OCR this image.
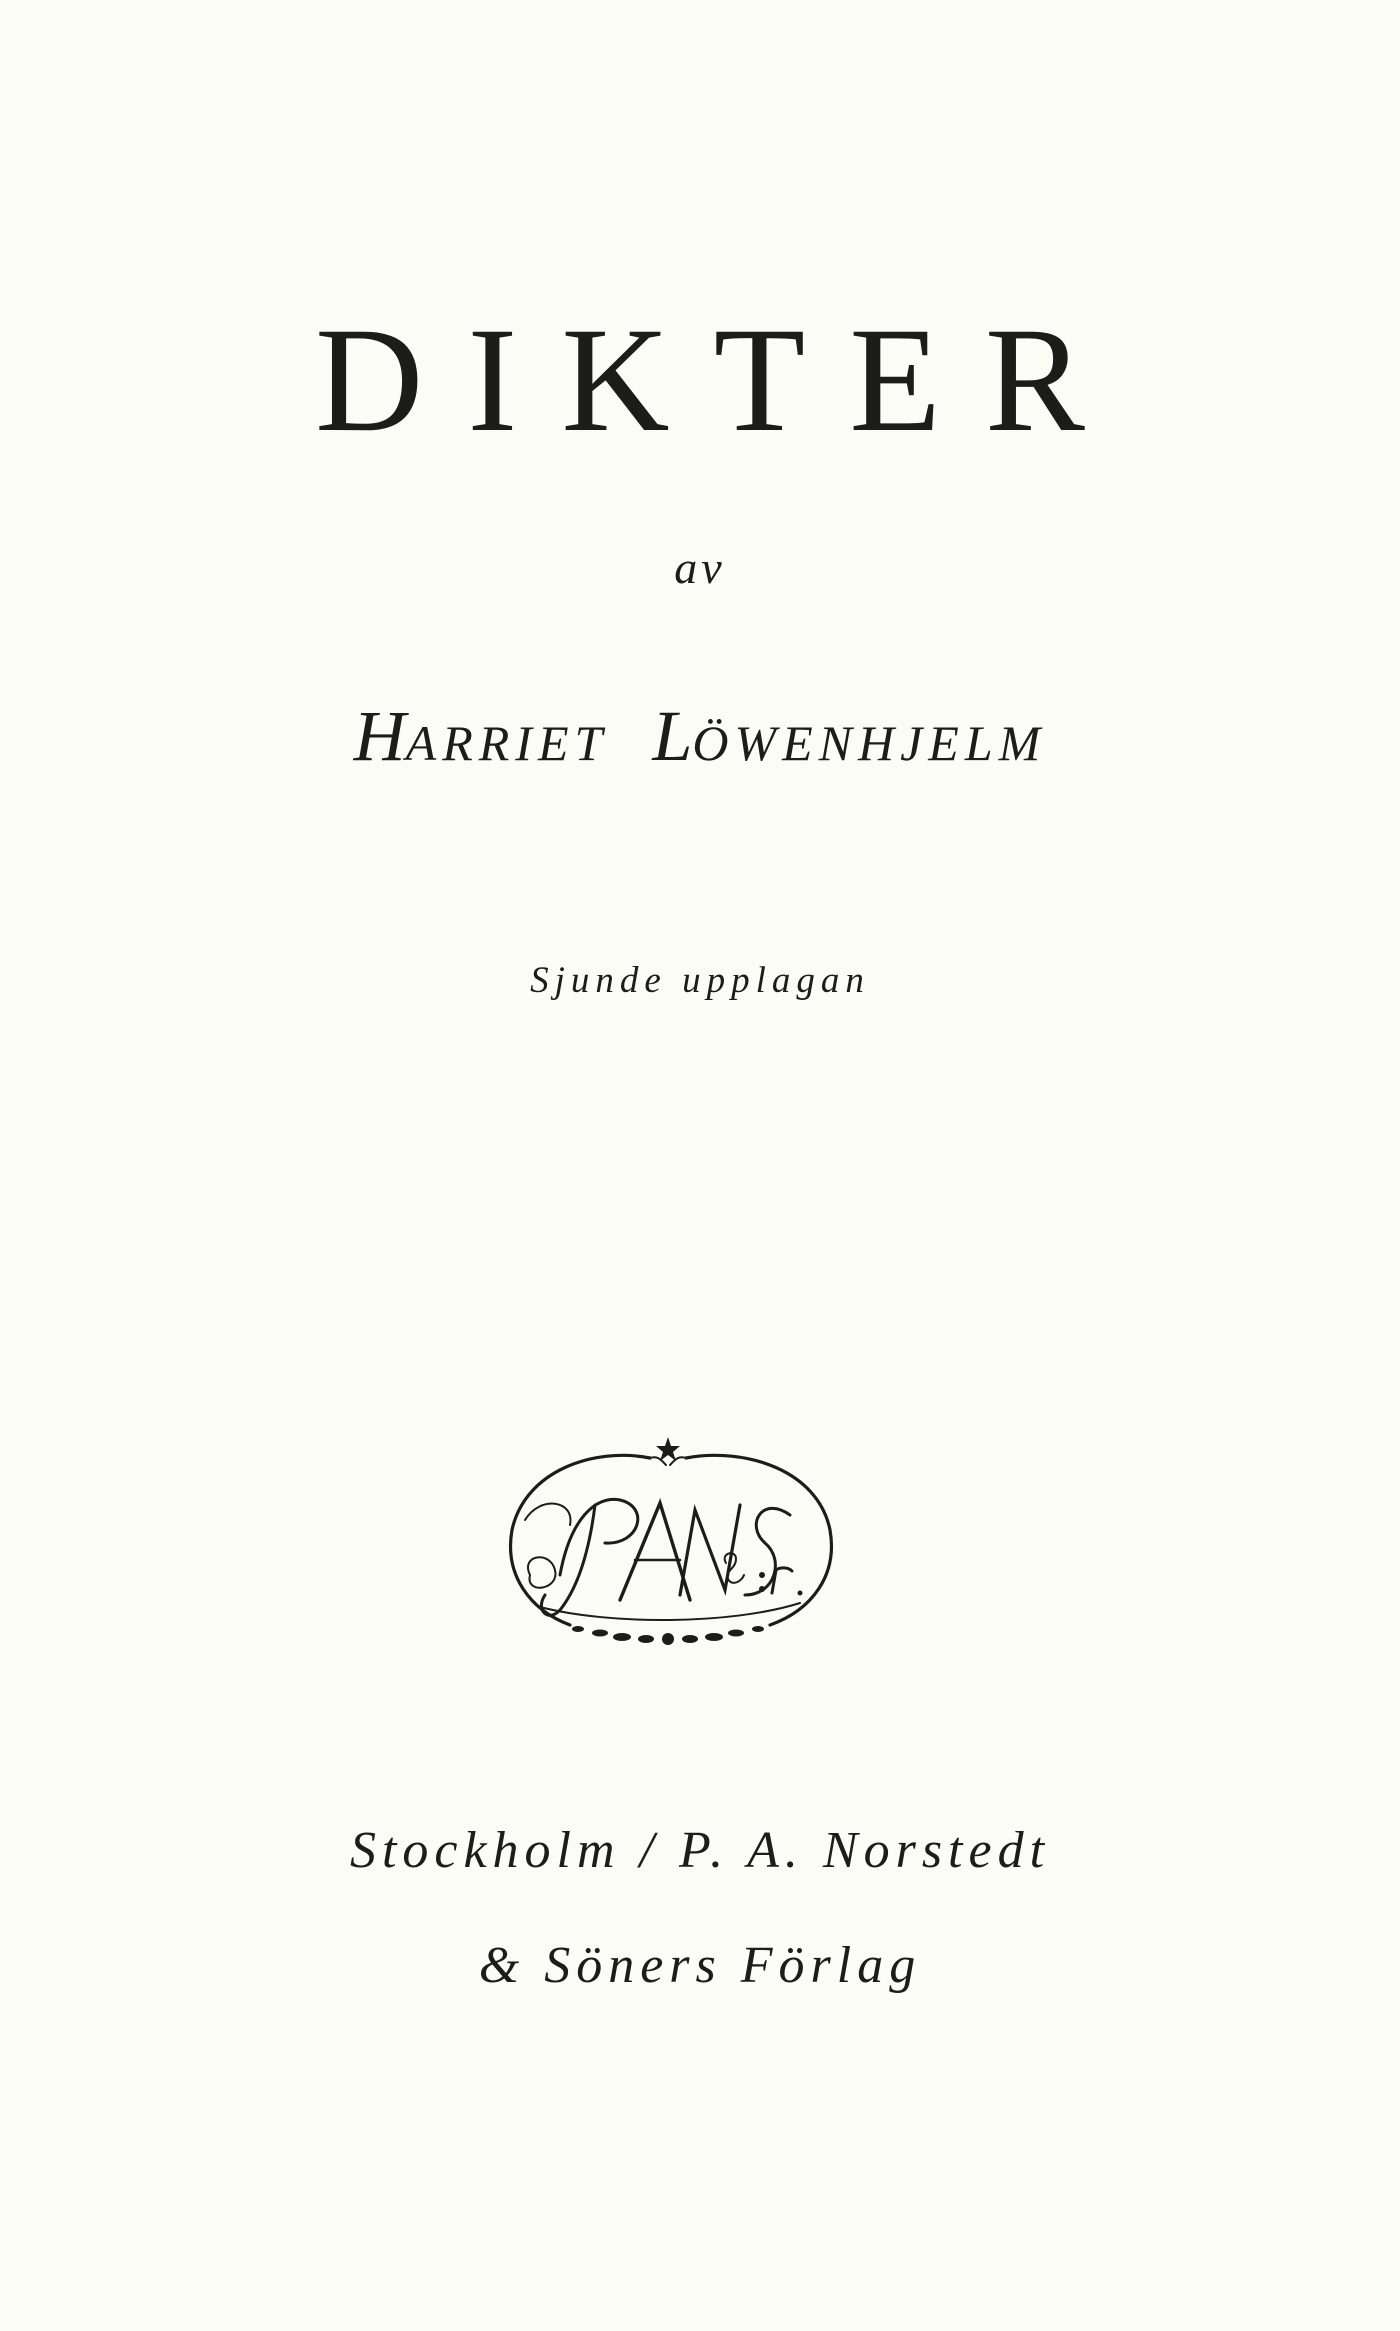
DIKTER
av
HARRIET LÖWENHJELM
Sjunde upplagan
Stockholm / P. A. Norstedt
& Söners Förlag
